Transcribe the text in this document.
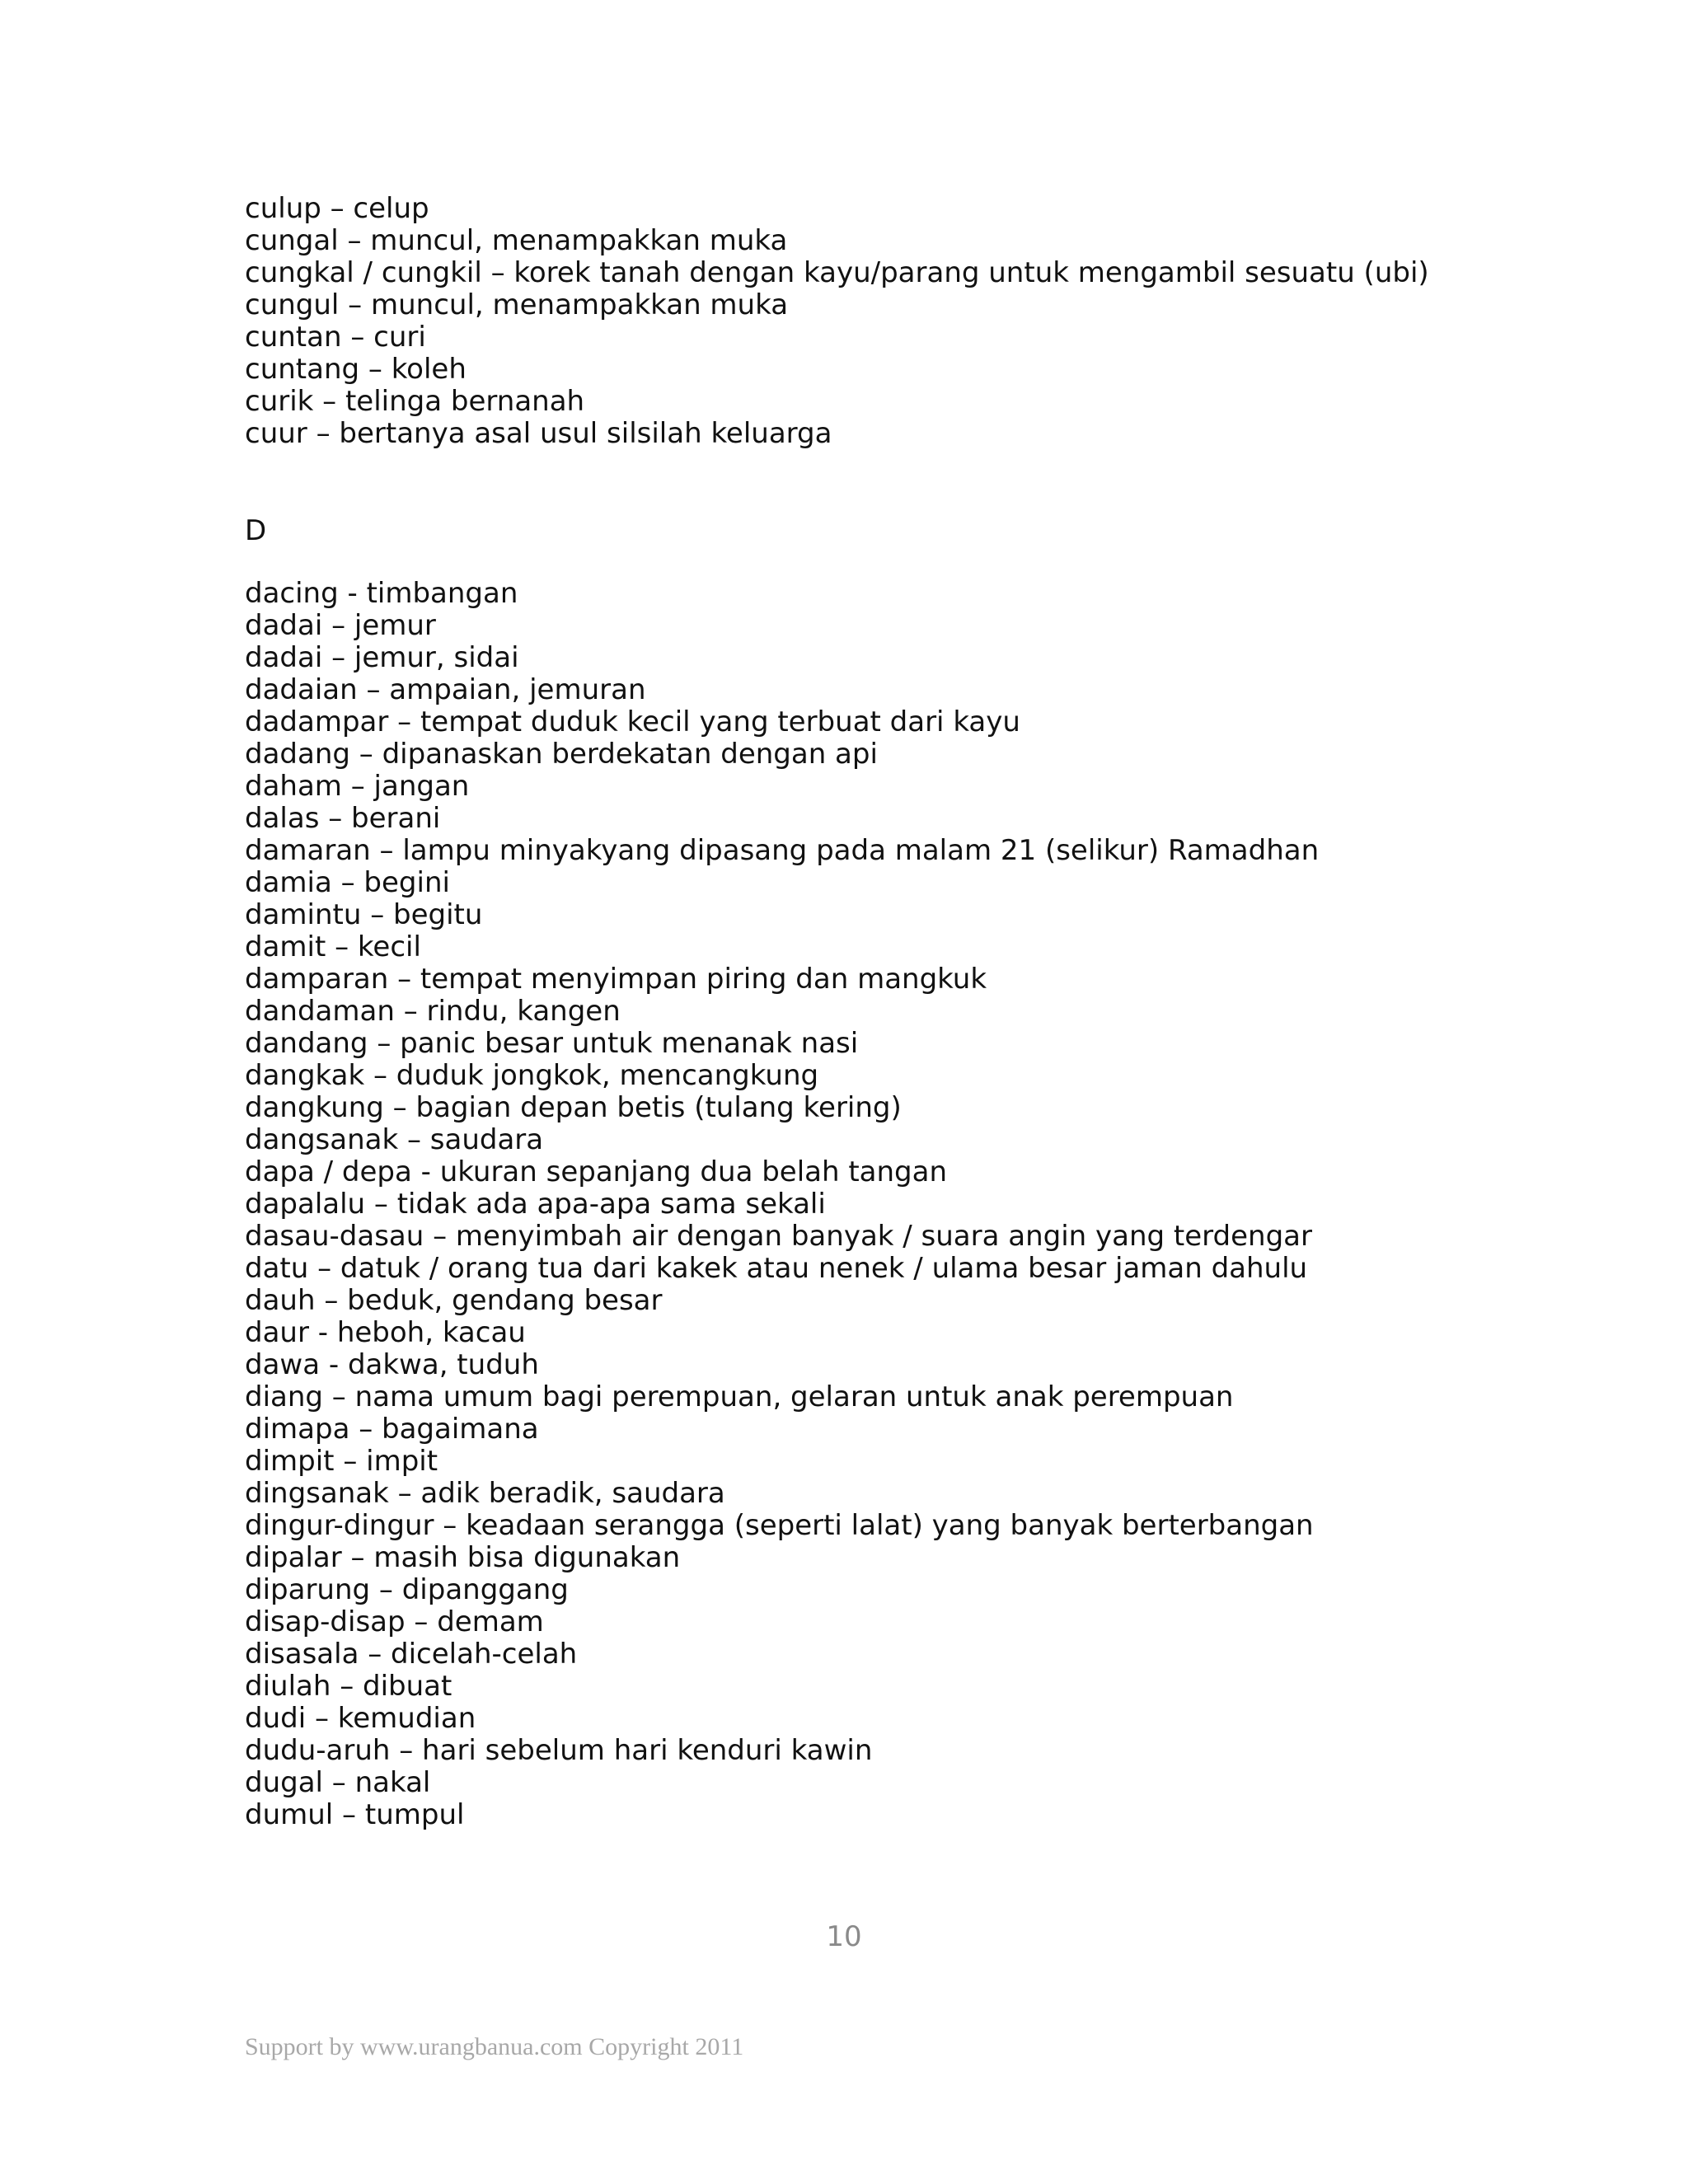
culup – celup
cungal – muncul, menampakkan muka
cungkal / cungkil – korek tanah dengan kayu/parang untuk mengambil sesuatu (ubi)
cungul – muncul, menampakkan muka
cuntan – curi
cuntang – koleh
curik – telinga bernanah
cuur – bertanya asal usul silsilah keluarga
D
dacing - timbangan
dadai – jemur
dadai – jemur, sidai
dadaian – ampaian, jemuran
dadampar – tempat duduk kecil yang terbuat dari kayu
dadang – dipanaskan berdekatan dengan api
daham – jangan
dalas – berani
damaran – lampu minyakyang dipasang pada malam 21 (selikur) Ramadhan
damia – begini
damintu – begitu
damit – kecil
damparan – tempat menyimpan piring dan mangkuk
dandaman – rindu, kangen
dandang – panic besar untuk menanak nasi
dangkak – duduk jongkok, mencangkung
dangkung – bagian depan betis (tulang kering)
dangsanak – saudara
dapa / depa - ukuran sepanjang dua belah tangan
dapalalu – tidak ada apa-apa sama sekali
dasau-dasau – menyimbah air dengan banyak / suara angin yang terdengar
datu – datuk / orang tua dari kakek atau nenek / ulama besar jaman dahulu
dauh – beduk, gendang besar
daur - heboh, kacau
dawa - dakwa, tuduh
diang – nama umum bagi perempuan, gelaran untuk anak perempuan
dimapa – bagaimana
dimpit – impit
dingsanak – adik beradik, saudara
dingur-dingur – keadaan serangga (seperti lalat) yang banyak berterbangan
dipalar – masih bisa digunakan
diparung – dipanggang
disap-disap – demam
disasala – dicelah-celah
diulah – dibuat
dudi – kemudian
dudu-aruh – hari sebelum hari kenduri kawin
dugal – nakal
dumul – tumpul
10
Support by www.urangbanua.com Copyright 2011
